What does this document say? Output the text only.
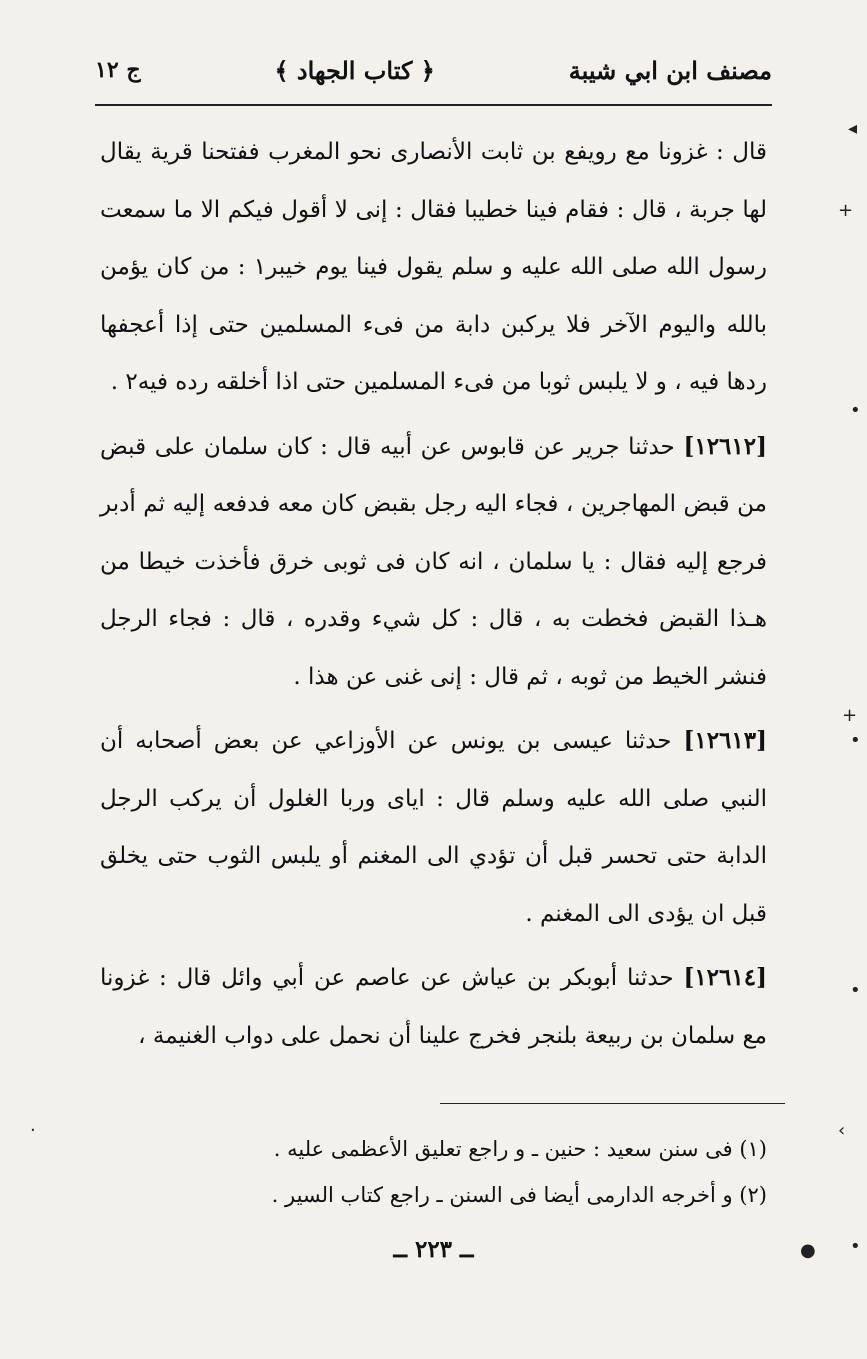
مصنف ابن ابي شيبة
﴿ كتاب الجهاد ﴾
ج ١٢

قال : غزونا مع رويفع بن ثابت الأنصارى نحو المغرب ففتحنا قرية يقال لها جربة ، قال : فقام فينا خطيبا فقال : إنى لا أقول فيكم الا ما سمعت رسول الله صلى الله عليه و سلم يقول فينا يوم خيبر١ : من كان يؤمن بالله واليوم الآخر فلا يركبن دابة من فىء المسلمين حتى إذا أعجفها ردها فيه ، و لا يلبس ثوبا من فىء المسلمين حتى اذا أخلقه رده فيه٢ .

[١٢٦١٢] حدثنا جرير عن قابوس عن أبيه قال : كان سلمان على قبض من قبض المهاجرين ، فجاء اليه رجل بقبض كان معه فدفعه إليه ثم أدبر فرجع إليه فقال : يا سلمان ، انه كان فى ثوبى خرق فأخذت خيطا من هـذا القبض فخطت به ، قال : كل شيء وقدره ، قال : فجاء الرجل فنشر الخيط من ثوبه ، ثم قال : إنى غنى عن هذا .

[١٢٦١٣] حدثنا عيسى بن يونس عن الأوزاعي عن بعض أصحابه أن النبي صلى الله عليه وسلم قال : اياى وربا الغلول أن يركب الرجل الدابة حتى تحسر قبل أن تؤدي الى المغنم أو يلبس الثوب حتى يخلق قبل ان يؤدى الى المغنم .

[١٢٦١٤] حدثنا أبوبكر بن عياش عن عاصم عن أبي وائل قال : غزونا مع سلمان بن ربيعة بلنجر فخرج علينا أن نحمل على دواب الغنيمة ،

(١) فى سنن سعيد : حنين ـ و راجع تعليق الأعظمى عليه .
(٢) و أخرجه الدارمى أيضا فى السنن ـ راجع كتاب السير .
ــ ٢٢٣ ــ
◂
+
•
+
•
•
›
● •
·
